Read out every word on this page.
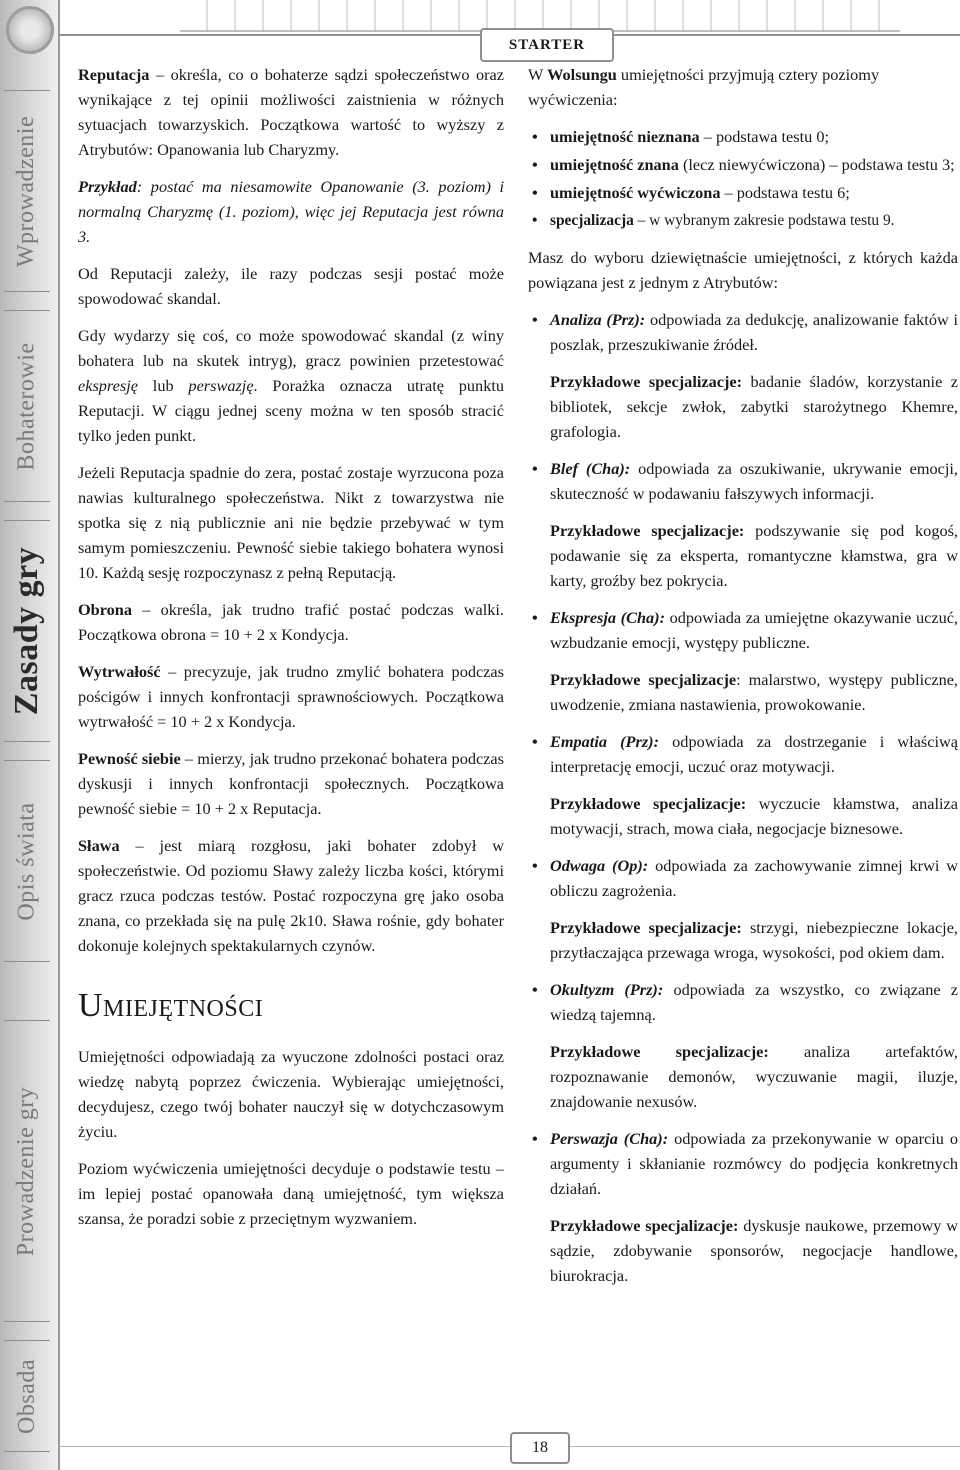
Obsada
Prowadzenie gry
Opis świata
Zasady gry
Bohaterowie
Wprowadzenie
STARTER

Reputacja – określa, co o bohaterze sądzi społeczeństwo oraz wynikające z tej opinii możliwości zaistnienia w różnych sytuacjach towarzyskich. Początkowa wartość to wyższy z Atrybutów: Opanowania lub Charyzmy.

Przykład: postać ma niesamowite Opanowanie (3. poziom) i normalną Charyzmę (1. poziom), więc jej Reputacja jest równa 3.

Od Reputacji zależy, ile razy podczas sesji postać może spowodować skandal.

Gdy wydarzy się coś, co może spowodować skandal (z winy bohatera lub na skutek intryg), gracz powinien przetestować ekspresję lub perswazję. Porażka oznacza utratę punktu Reputacji. W ciągu jednej sceny można w ten sposób stracić tylko jeden punkt.

Jeżeli Reputacja spadnie do zera, postać zostaje wyrzucona poza nawias kulturalnego społeczeństwa. Nikt z towarzystwa nie spotka się z nią publicznie ani nie będzie przebywać w tym samym pomieszczeniu. Pewność siebie takiego bohatera wynosi 10. Każdą sesję rozpoczynasz z pełną Reputacją.

Obrona – określa, jak trudno trafić postać podczas walki. Początkowa obrona = 10 + 2 x Kondycja.

Wytrwałość – precyzuje, jak trudno zmylić bohatera podczas pościgów i innych konfrontacji sprawnościowych. Początkowa wytrwałość = 10 + 2 x Kondycja.

Pewność siebie – mierzy, jak trudno przekonać bohatera podczas dyskusji i innych konfrontacji społecznych. Początkowa pewność siebie = 10 + 2 x Reputacja.

Sława – jest miarą rozgłosu, jaki bohater zdobył w społeczeństwie. Od poziomu Sławy zależy liczba kości, którymi gracz rzuca podczas testów. Postać rozpoczyna grę jako osoba znana, co przekłada się na pulę 2k10. Sława rośnie, gdy bohater dokonuje kolejnych spektakularnych czynów.

Umiejętności

Umiejętności odpowiadają za wyuczone zdolności postaci oraz wiedzę nabytą poprzez ćwiczenia. Wybierając umiejętności, decydujesz, czego twój bohater nauczył się w dotychczasowym życiu.

Poziom wyćwiczenia umiejętności decyduje o podstawie testu – im lepiej postać opanowała daną umiejętność, tym większa szansa, że poradzi sobie z przeciętnym wyzwaniem.

W Wolsungu umiejętności przyjmują cztery poziomy wyćwiczenia:

• umiejętność nieznana – podstawa testu 0;
• umiejętność znana (lecz niewyćwiczona) – podstawa testu 3;
• umiejętność wyćwiczona – podstawa testu 6;
• specjalizacja – w wybranym zakresie podstawa testu 9.

Masz do wyboru dziewiętnaście umiejętności, z których każda powiązana jest z jednym z Atrybutów:

• Analiza (Prz): odpowiada za dedukcję, analizowanie faktów i poszlak, przeszukiwanie źródeł.

Przykładowe specjalizacje: badanie śladów, korzystanie z bibliotek, sekcje zwłok, zabytki starożytnego Khemre, grafologia.

• Blef (Cha): odpowiada za oszukiwanie, ukrywanie emocji, skuteczność w podawaniu fałszywych informacji.

Przykładowe specjalizacje: podszywanie się pod kogoś, podawanie się za eksperta, romantyczne kłamstwa, gra w karty, groźby bez pokrycia.

• Ekspresja (Cha): odpowiada za umiejętne okazywanie uczuć, wzbudzanie emocji, występy publiczne.

Przykładowe specjalizacje: malarstwo, występy publiczne, uwodzenie, zmiana nastawienia, prowokowanie.

• Empatia (Prz): odpowiada za dostrzeganie i właściwą interpretację emocji, uczuć oraz motywacji.

Przykładowe specjalizacje: wyczucie kłamstwa, analiza motywacji, strach, mowa ciała, negocjacje biznesowe.

• Odwaga (Op): odpowiada za zachowywanie zimnej krwi w obliczu zagrożenia.

Przykładowe specjalizacje: strzygi, niebezpieczne lokacje, przytłaczająca przewaga wroga, wysokości, pod okiem dam.

• Okultyzm (Prz): odpowiada za wszystko, co związane z wiedzą tajemną.

Przykładowe specjalizacje: analiza artefaktów, rozpoznawanie demonów, wyczuwanie magii, iluzje, znajdowanie nexusów.

• Perswazja (Cha): odpowiada za przekonywanie w oparciu o argumenty i skłanianie rozmówcy do podjęcia konkretnych działań.

Przykładowe specjalizacje: dyskusje naukowe, przemowy w sądzie, zdobywanie sponsorów, negocjacje handlowe, biurokracja.

18
